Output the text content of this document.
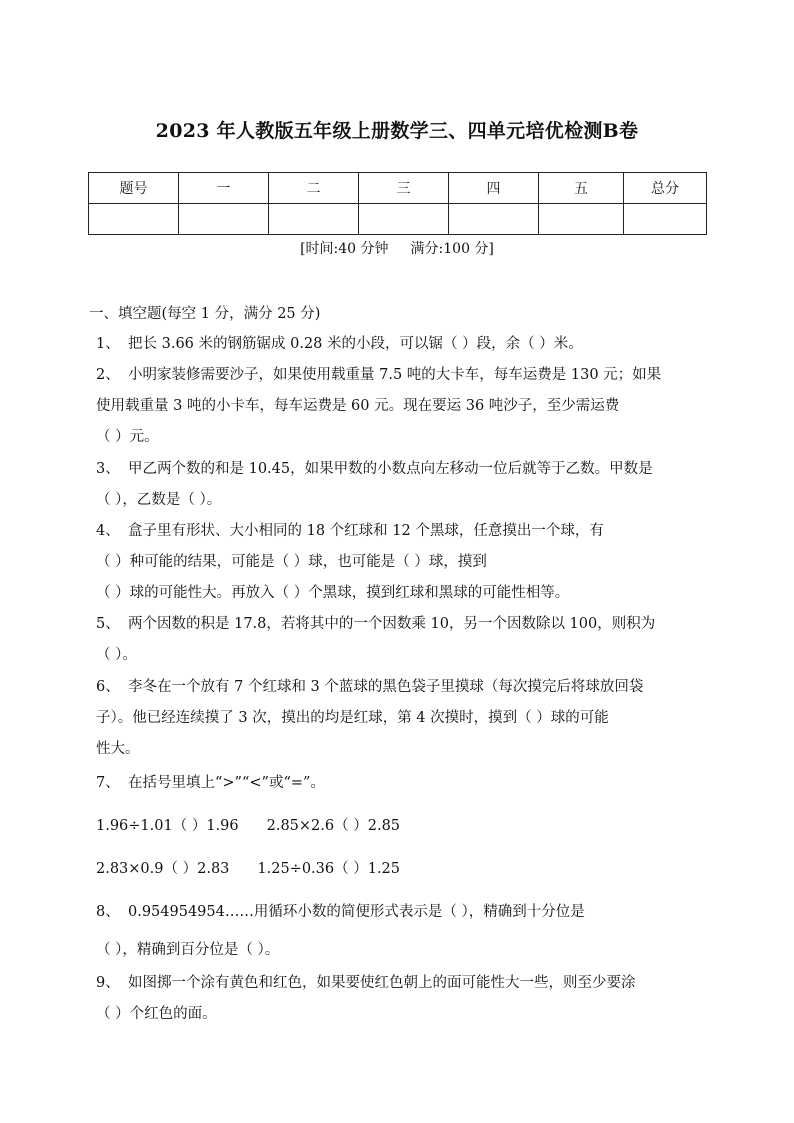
2023 年人教版五年级上册数学三、四单元培优检测B卷
题号	一	二	三	四	五	总分

[时间:40 分钟 满分:100 分]
一、填空题(每空 1 分，满分 25 分)
1、 把长 3.66 米的钢筋锯成 0.28 米的小段，可以锯（ ）段，余（ ）米。
2、 小明家装修需要沙子，如果使用载重量 7.5 吨的大卡车，每车运费是 130 元；如果
使用载重量 3 吨的小卡车，每车运费是 60 元。现在要运 36 吨沙子，至少需运费
（ ）元。
3、 甲乙两个数的和是 10.45，如果甲数的小数点向左移动一位后就等于乙数。甲数是
（ ），乙数是（ ）。
4、 盒子里有形状、大小相同的 18 个红球和 12 个黑球，任意摸出一个球，有
（ ）种可能的结果，可能是（ ）球，也可能是（ ）球，摸到
（ ）球的可能性大。再放入（ ）个黑球，摸到红球和黑球的可能性相等。
5、 两个因数的积是 17.8，若将其中的一个因数乘 10，另一个因数除以 100，则积为
（ ）。
6、 李冬在一个放有 7 个红球和 3 个蓝球的黑色袋子里摸球（每次摸完后将球放回袋
子）。他已经连续摸了 3 次，摸出的均是红球，第 4 次摸时，摸到（ ）球的可能
性大。
7、 在括号里填上“>”“<”或“=”。
1.96÷1.01（ ）1.96 2.85×2.6（ ）2.85
2.83×0.9（ ）2.83 1.25÷0.36（ ）1.25
8、 0.954954954……用循环小数的简便形式表示是（ ），精确到十分位是
（ ），精确到百分位是（ ）。
9、 如图掷一个涂有黄色和红色，如果要使红色朝上的面可能性大一些，则至少要涂
（ ）个红色的面。
